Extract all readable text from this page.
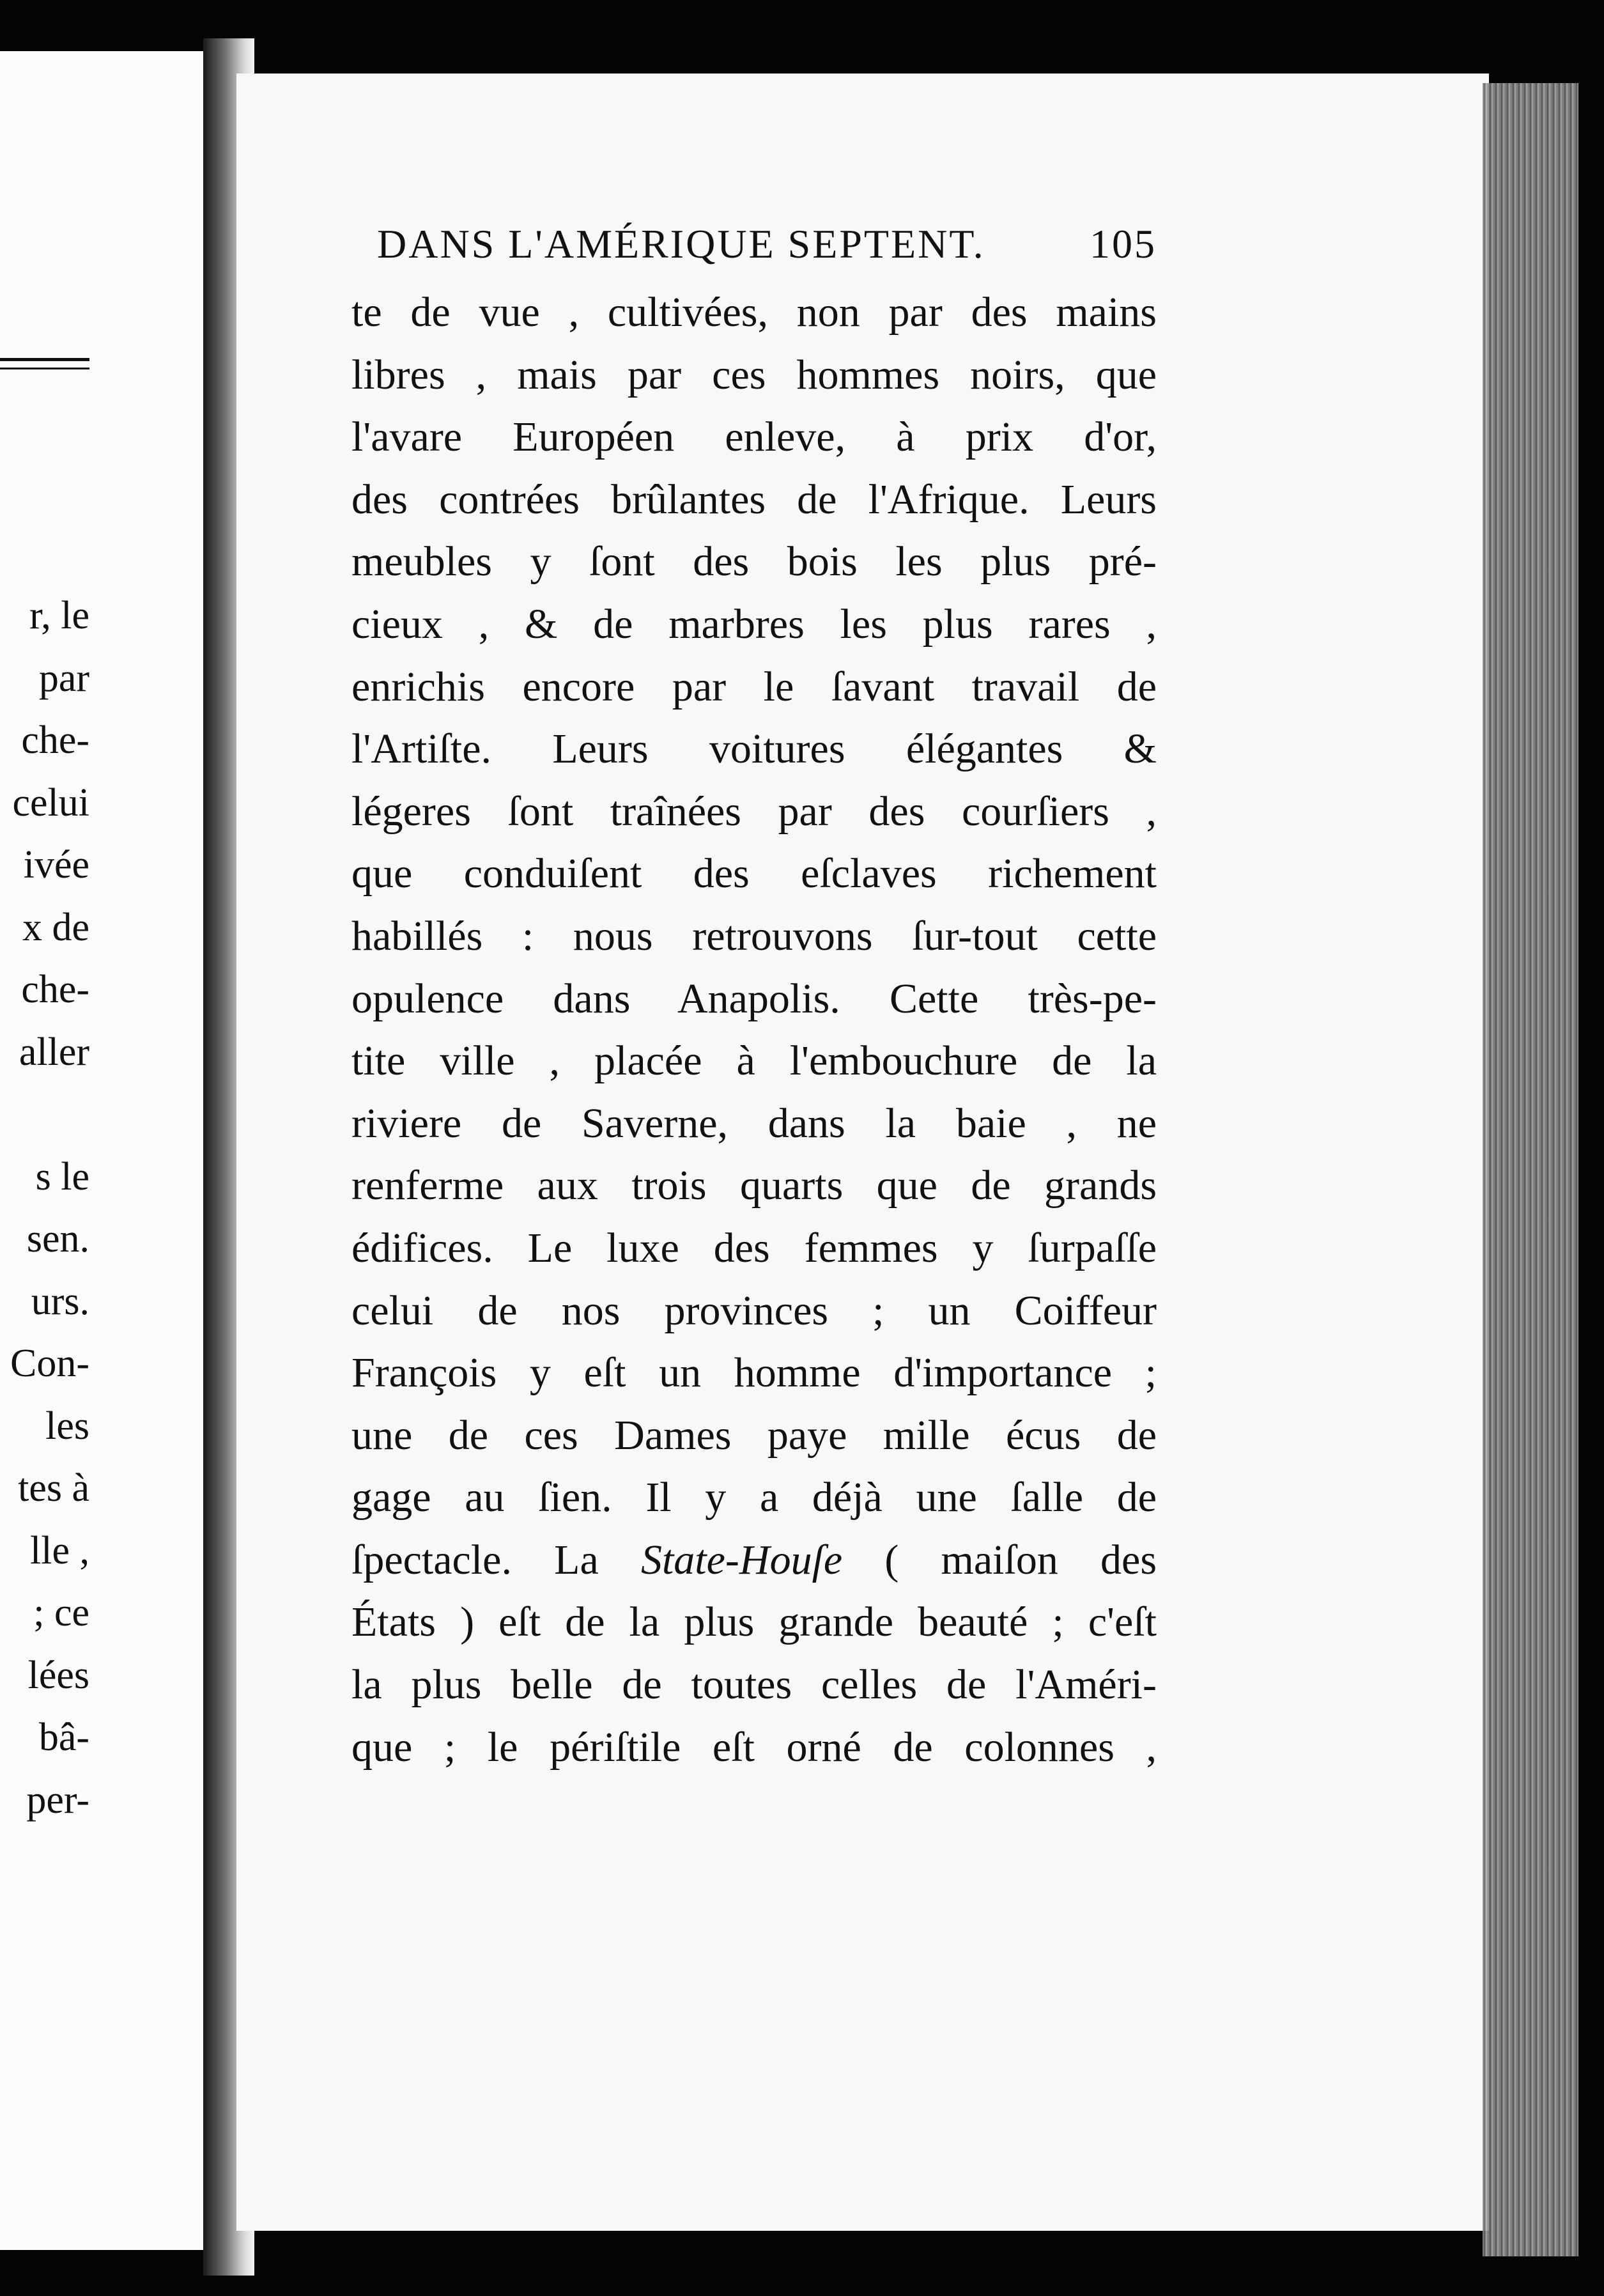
r, le
par
che-
celui
ivée
x de
che-
aller
s le
sen.
urs.
Con-
les
tes à
lle ,
; ce
lées
bâ-
per-
DANS L'AMÉRIQUE SEPTENT.	105
te de vue , cultivées, non par des mains
libres , mais par ces hommes noirs, que
l'avare Européen enleve, à prix d'or,
des contrées brûlantes de l'Afrique. Leurs
meubles y ſont des bois les plus pré-
cieux , & de marbres les plus rares ,
enrichis encore par le ſavant travail de
l'Artiſte. Leurs voitures élégantes &
légeres ſont traînées par des courſiers ,
que conduiſent des eſclaves richement
habillés : nous retrouvons ſur-tout cette
opulence dans Anapolis. Cette très-pe-
tite ville , placée à l'embouchure de la
riviere de Saverne, dans la baie , ne
renferme aux trois quarts que de grands
édifices. Le luxe des femmes y ſurpaſſe
celui de nos provinces ; un Coiffeur
François y eſt un homme d'importance ;
une de ces Dames paye mille écus de
gage au ſien. Il y a déjà une ſalle de
ſpectacle. La State-Houſe ( maiſon des
États ) eſt de la plus grande beauté ; c'eſt
la plus belle de toutes celles de l'Améri-
que ; le périſtile eſt orné de colonnes ,
